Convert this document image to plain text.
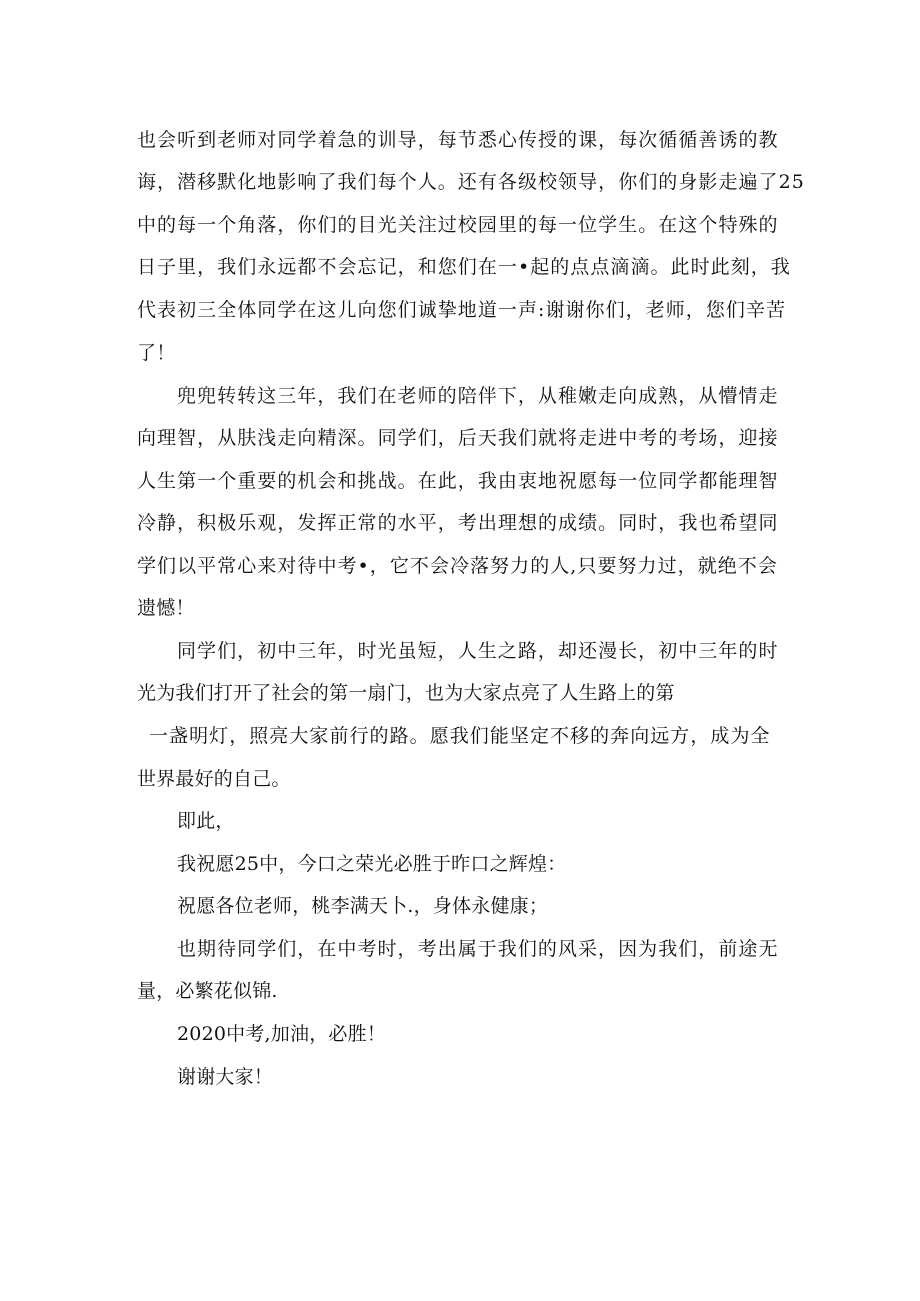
也会听到老师对同学着急的训导，每节悉心传授的课，每次循循善诱的教
诲，潜移默化地影响了我们每个人。还有各级校领导，你们的身影走遍了25
中的每一个角落，你们的目光关注过校园里的每一位学生。在这个特殊的
日子里，我们永远都不会忘记，和您们在一•起的点点滴滴。此时此刻，我
代表初三全体同学在这儿向您们诚挚地道一声:谢谢你们，老师，您们辛苦
了！
兜兜转转这三年，我们在老师的陪伴下，从稚嫩走向成熟，从懵情走
向理智，从肤浅走向精深。同学们，后天我们就将走进中考的考场，迎接
人生第一个重要的机会和挑战。在此，我由衷地祝愿每一位同学都能理智
冷静，积极乐观，发挥正常的水平，考出理想的成绩。同时，我也希望同
学们以平常心来对待中考•，它不会冷落努力的人,只要努力过，就绝不会
遗憾！
同学们，初中三年，时光虽短，人生之路，却还漫长，初中三年的时
光为我们打开了社会的第一扇门，也为大家点亮了人生路上的第
一盏明灯，照亮大家前行的路。愿我们能坚定不移的奔向远方，成为全
世界最好的自己。
即此，
我祝愿25中，今口之荣光必胜于昨口之辉煌：
祝愿各位老师，桃李满天卜.，身体永健康；
也期待同学们，在中考时，考出属于我们的风采，因为我们，前途无
量，必繁花似锦.
2020中考,加油，必胜！
谢谢大家！
